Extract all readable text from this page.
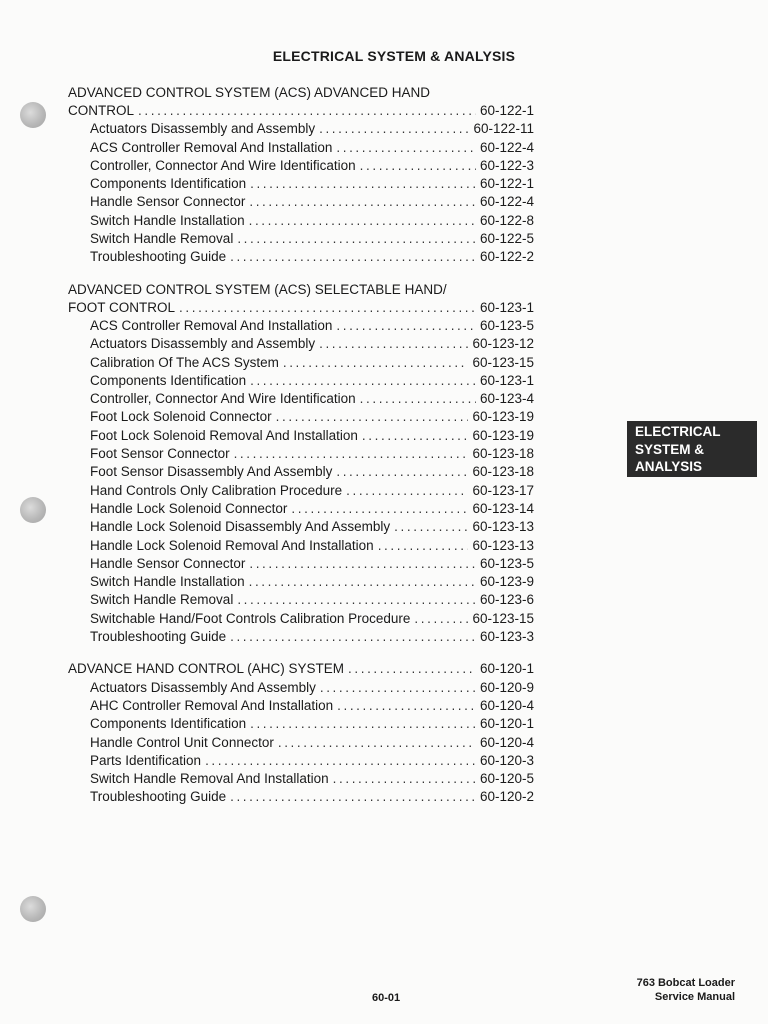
ELECTRICAL SYSTEM & ANALYSIS
ADVANCED CONTROL SYSTEM (ACS) ADVANCED HAND
CONTROL .....	60-122-1
Actuators Disassembly and Assembly .....	60-122-11
ACS Controller Removal And Installation .....	60-122-4
Controller, Connector And Wire Identification .....	60-122-3
Components Identification .....	60-122-1
Handle Sensor Connector .....	60-122-4
Switch Handle Installation .....	60-122-8
Switch Handle Removal .....	60-122-5
Troubleshooting Guide .....	60-122-2
ADVANCED CONTROL SYSTEM (ACS) SELECTABLE HAND/
FOOT CONTROL .....	60-123-1
ACS Controller Removal And Installation .....	60-123-5
Actuators Disassembly and Assembly .....	60-123-12
Calibration Of The ACS System .....	60-123-15
Components Identification .....	60-123-1
Controller, Connector And Wire Identification .....	60-123-4
Foot Lock Solenoid Connector .....	60-123-19
Foot Lock Solenoid Removal And Installation .....	60-123-19
Foot Sensor Connector .....	60-123-18
Foot Sensor Disassembly And Assembly .....	60-123-18
Hand Controls Only Calibration Procedure .....	60-123-17
Handle Lock Solenoid Connector .....	60-123-14
Handle Lock Solenoid Disassembly And Assembly .....	60-123-13
Handle Lock Solenoid Removal And Installation .....	60-123-13
Handle Sensor Connector .....	60-123-5
Switch Handle Installation .....	60-123-9
Switch Handle Removal .....	60-123-6
Switchable Hand/Foot Controls Calibration Procedure .....	60-123-15
Troubleshooting Guide .....	60-123-3
ADVANCE HAND CONTROL (AHC) SYSTEM .....	60-120-1
Actuators Disassembly And Assembly .....	60-120-9
AHC Controller Removal And Installation .....	60-120-4
Components Identification .....	60-120-1
Handle Control Unit Connector .....	60-120-4
Parts Identification .....	60-120-3
Switch Handle Removal And Installation .....	60-120-5
Troubleshooting Guide .....	60-120-2
ELECTRICAL
SYSTEM &
ANALYSIS
60-01
763 Bobcat Loader
Service Manual
